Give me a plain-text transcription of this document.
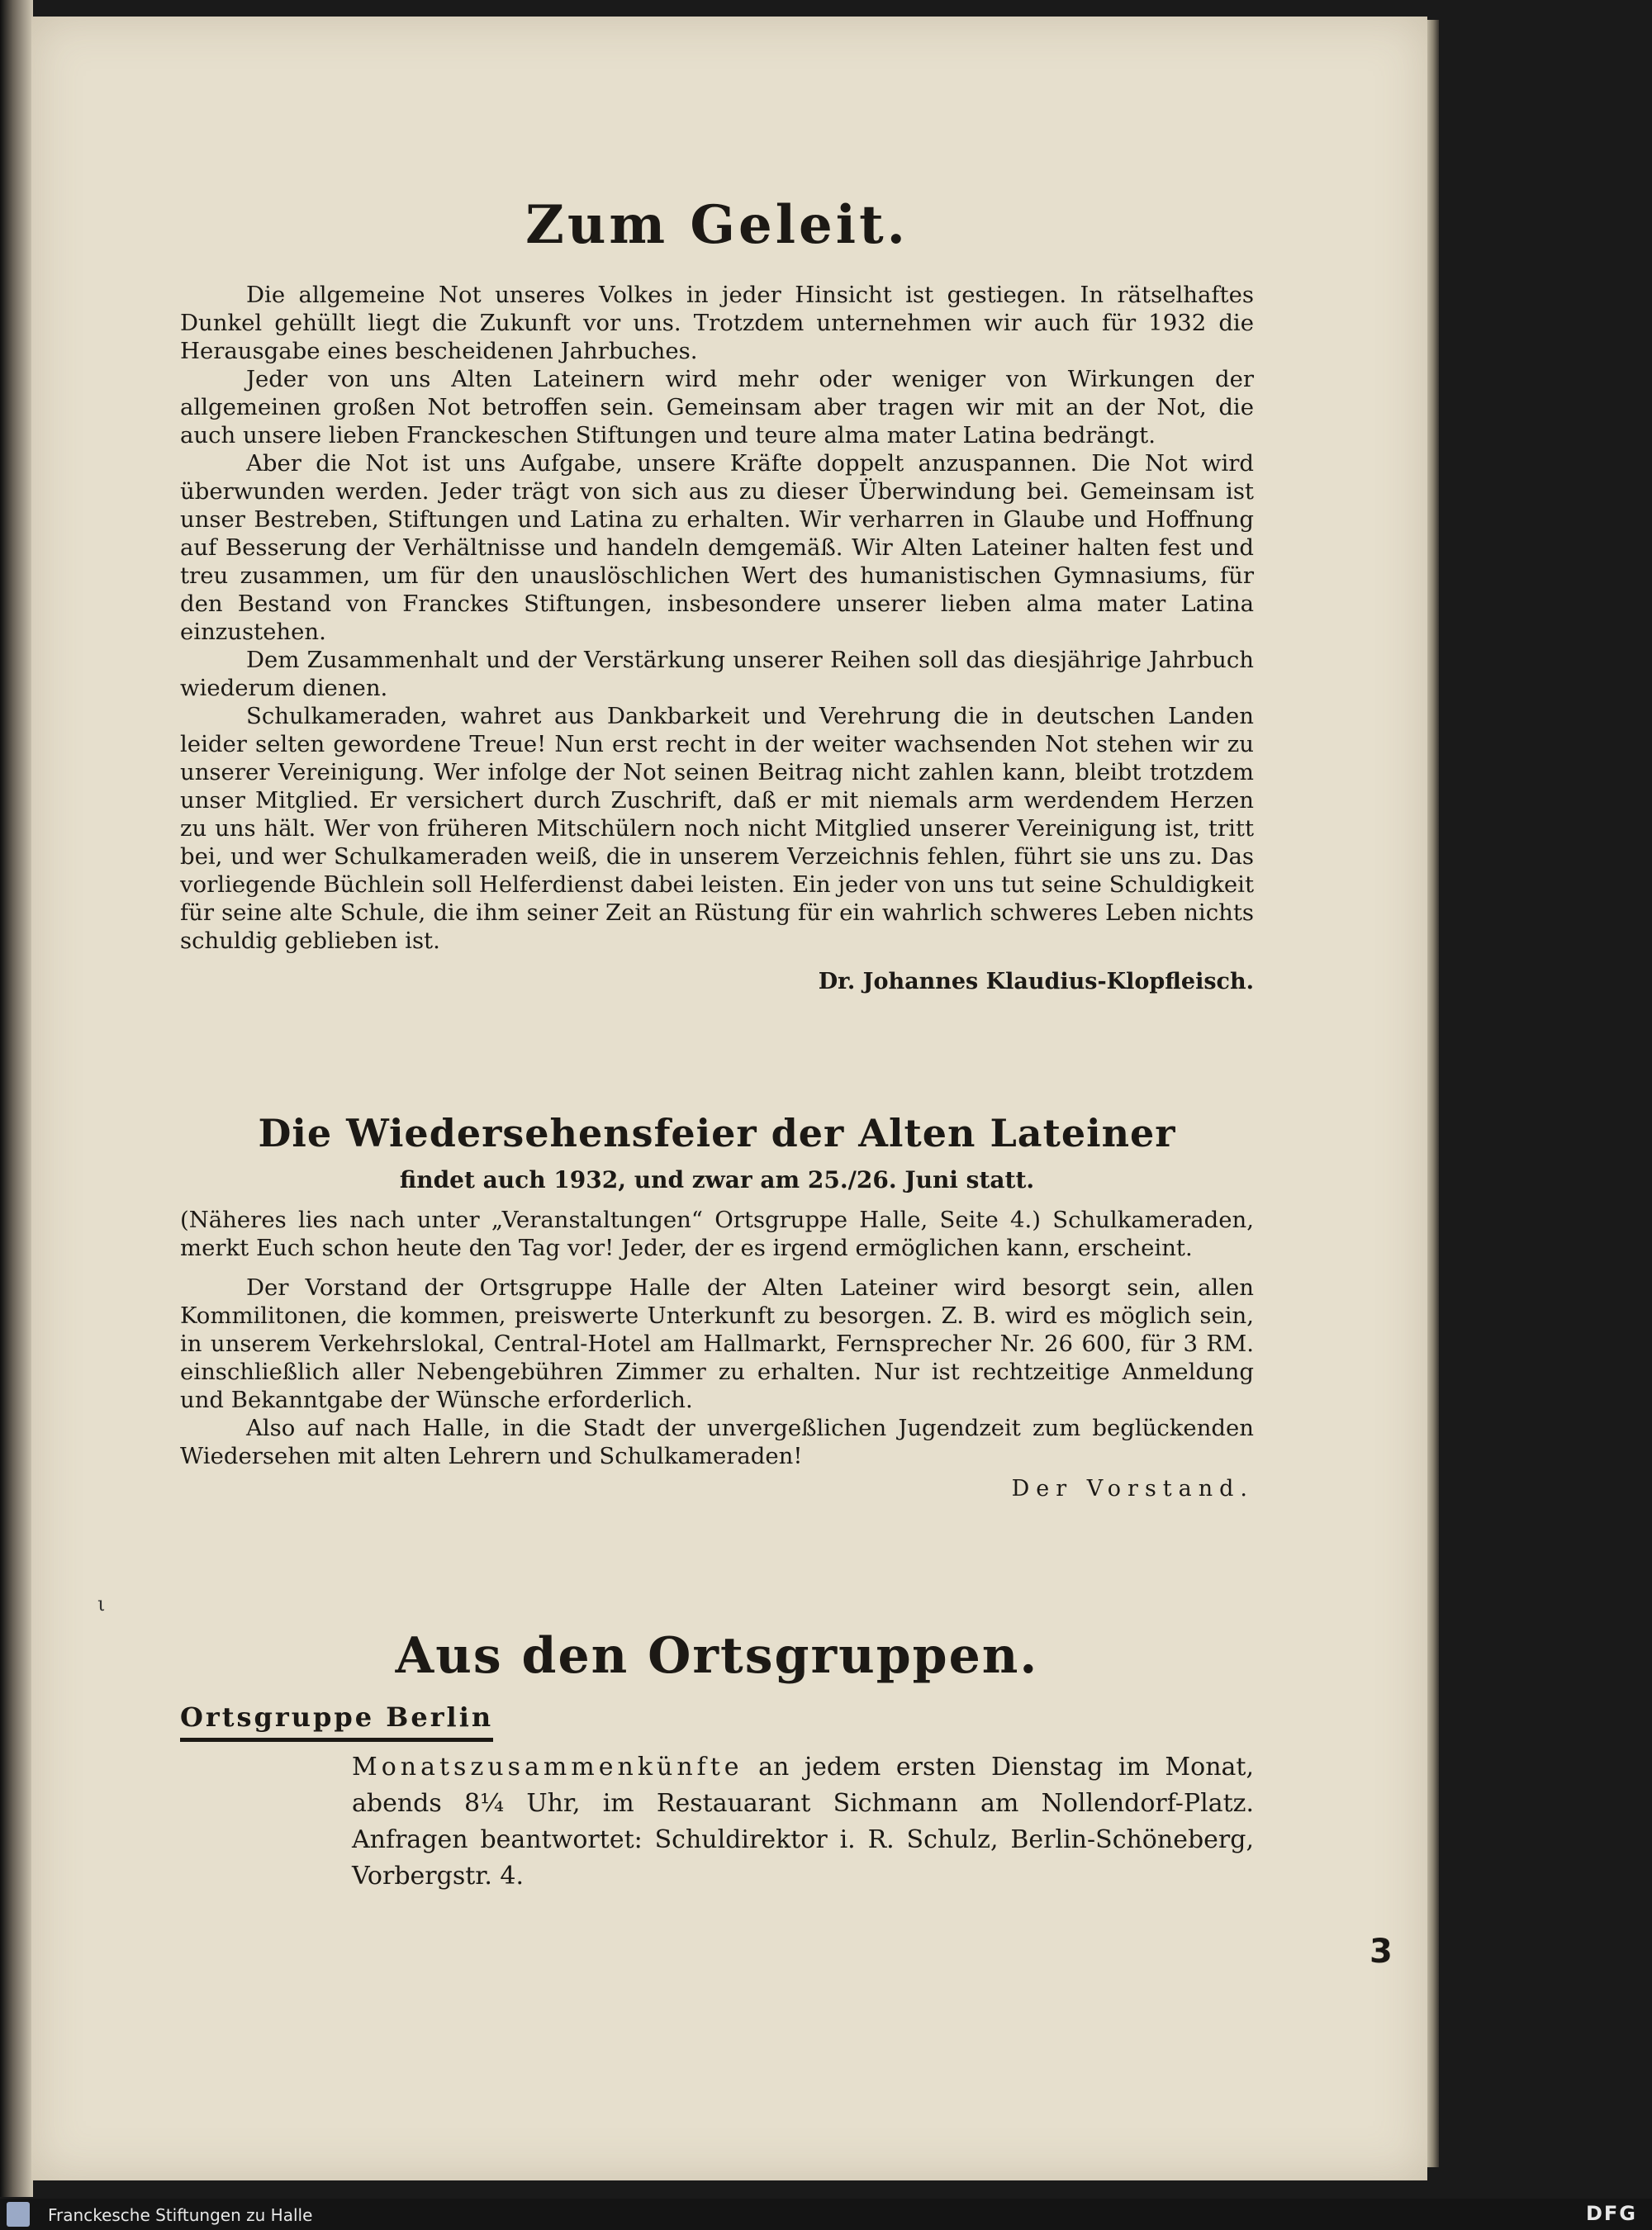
Zum Geleit.

Die allgemeine Not unseres Volkes in jeder Hinsicht ist gestiegen. In rätselhaftes Dunkel gehüllt liegt die Zukunft vor uns. Trotzdem unternehmen wir auch für 1932 die Herausgabe eines bescheidenen Jahrbuches.

Jeder von uns Alten Lateinern wird mehr oder weniger von Wirkungen der allgemeinen großen Not betroffen sein. Gemeinsam aber tragen wir mit an der Not, die auch unsere lieben Franckeschen Stiftungen und teure alma mater Latina bedrängt.

Aber die Not ist uns Aufgabe, unsere Kräfte doppelt anzuspannen. Die Not wird überwunden werden. Jeder trägt von sich aus zu dieser Überwindung bei. Gemeinsam ist unser Bestreben, Stiftungen und Latina zu erhalten. Wir verharren in Glaube und Hoffnung auf Besserung der Verhältnisse und handeln demgemäß. Wir Alten Lateiner halten fest und treu zusammen, um für den unauslöschlichen Wert des humanistischen Gymnasiums, für den Bestand von Franckes Stiftungen, insbesondere unserer lieben alma mater Latina einzustehen.

Dem Zusammenhalt und der Verstärkung unserer Reihen soll das diesjährige Jahrbuch wiederum dienen.

Schulkameraden, wahret aus Dankbarkeit und Verehrung die in deutschen Landen leider selten gewordene Treue! Nun erst recht in der weiter wachsenden Not stehen wir zu unserer Vereinigung. Wer infolge der Not seinen Beitrag nicht zahlen kann, bleibt trotzdem unser Mitglied. Er versichert durch Zuschrift, daß er mit niemals arm werdendem Herzen zu uns hält. Wer von früheren Mitschülern noch nicht Mitglied unserer Vereinigung ist, tritt bei, und wer Schulkameraden weiß, die in unserem Verzeichnis fehlen, führt sie uns zu. Das vorliegende Büchlein soll Helferdienst dabei leisten. Ein jeder von uns tut seine Schuldigkeit für seine alte Schule, die ihm seiner Zeit an Rüstung für ein wahrlich schweres Leben nichts schuldig geblieben ist.

Dr. Johannes Klaudius-Klopfleisch.
Die Wiedersehensfeier der Alten Lateiner
findet auch 1932, und zwar am 25./26. Juni statt.

(Näheres lies nach unter „Veranstaltungen“ Ortsgruppe Halle, Seite 4.) Schulkameraden, merkt Euch schon heute den Tag vor! Jeder, der es irgend ermöglichen kann, erscheint.

Der Vorstand der Ortsgruppe Halle der Alten Lateiner wird besorgt sein, allen Kommilitonen, die kommen, preiswerte Unterkunft zu besorgen. Z. B. wird es möglich sein, in unserem Verkehrslokal, Central-Hotel am Hallmarkt, Fernsprecher Nr. 26 600, für 3 RM. einschließlich aller Nebengebühren Zimmer zu erhalten. Nur ist rechtzeitige Anmeldung und Bekanntgabe der Wünsche erforderlich.

Also auf nach Halle, in die Stadt der unvergeßlichen Jugendzeit zum beglückenden Wiedersehen mit alten Lehrern und Schulkameraden!

Der Vorstand.
Aus den Ortsgruppen.
Ortsgruppe Berlin
Monatszusammenkünfte an jedem ersten Dienstag im Monat, abends 8¼ Uhr, im Restauarant Sichmann am Nollendorf-Platz. Anfragen beantwortet: Schuldirektor i. R. Schulz, Berlin-Schöneberg, Vorbergstr. 4.
3
ι
Franckesche Stiftungen zu Halle	DFG
